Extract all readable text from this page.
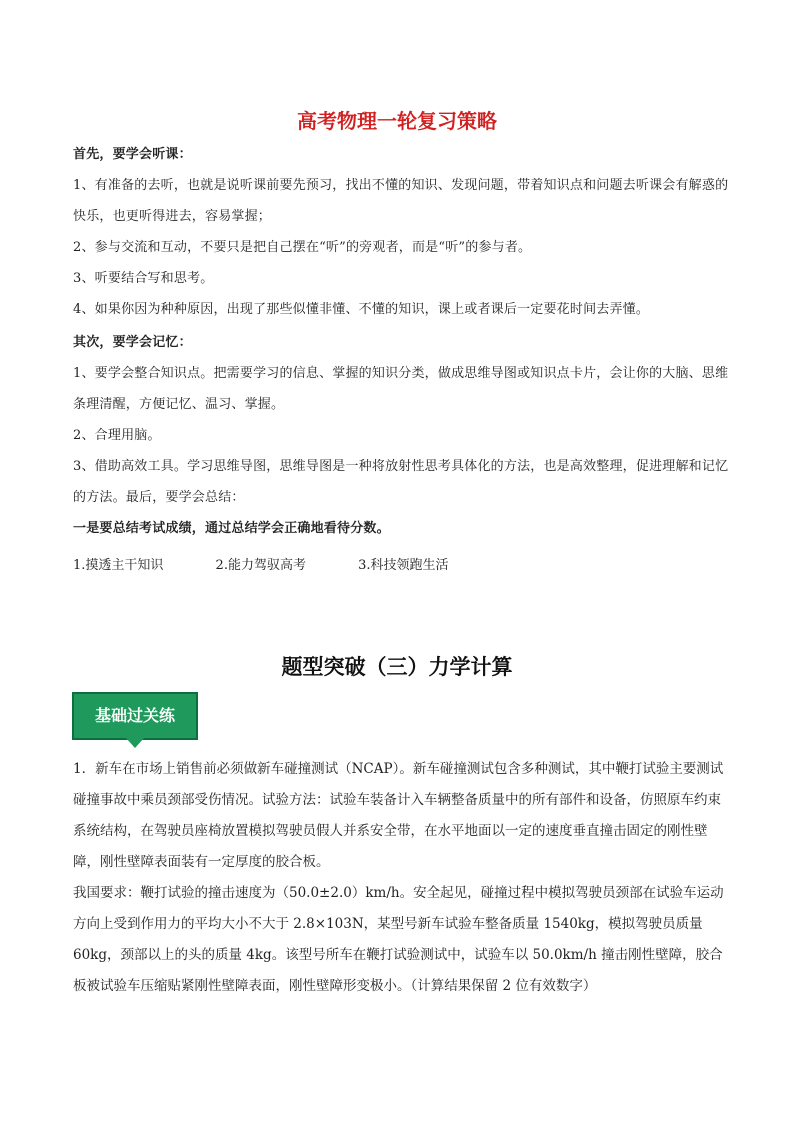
高考物理一轮复习策略

首先，要学会听课：

1、有准备的去听，也就是说听课前要先预习，找出不懂的知识、发现问题，带着知识点和问题去听课会有解惑的快乐，也更听得进去，容易掌握；

2、参与交流和互动，不要只是把自己摆在“听”的旁观者，而是“听”的参与者。

3、听要结合写和思考。

4、如果你因为种种原因，出现了那些似懂非懂、不懂的知识，课上或者课后一定要花时间去弄懂。

其次，要学会记忆：

1、要学会整合知识点。把需要学习的信息、掌握的知识分类，做成思维导图或知识点卡片，会让你的大脑、思维条理清醒，方便记忆、温习、掌握。

2、合理用脑。

3、借助高效工具。学习思维导图，思维导图是一种将放射性思考具体化的方法，也是高效整理，促进理解和记忆的方法。最后，要学会总结：

一是要总结考试成绩，通过总结学会正确地看待分数。

1.摸透主干知识	2.能力驾驭高考	3.科技领跑生活
题型突破（三）力学计算
基础过关练

1．新车在市场上销售前必须做新车碰撞测试（NCAP）。新车碰撞测试包含多种测试，其中鞭打试验主要测试碰撞事故中乘员颈部受伤情况。试验方法：试验车装备计入车辆整备质量中的所有部件和设备，仿照原车约束系统结构，在驾驶员座椅放置模拟驾驶员假人并系安全带，在水平地面以一定的速度垂直撞击固定的刚性壁障，刚性壁障表面装有一定厚度的胶合板。

我国要求：鞭打试验的撞击速度为（50.0±2.0）km/h。安全起见，碰撞过程中模拟驾驶员颈部在试验车运动方向上受到作用力的平均大小不大于 2.8×103N，某型号新车试验车整备质量 1540kg，模拟驾驶员质量 60kg，颈部以上的头的质量 4kg。该型号所车在鞭打试验测试中，试验车以 50.0km/h 撞击刚性壁障，胶合板被试验车压缩贴紧刚性壁障表面，刚性壁障形变极小。（计算结果保留 2 位有效数字）
